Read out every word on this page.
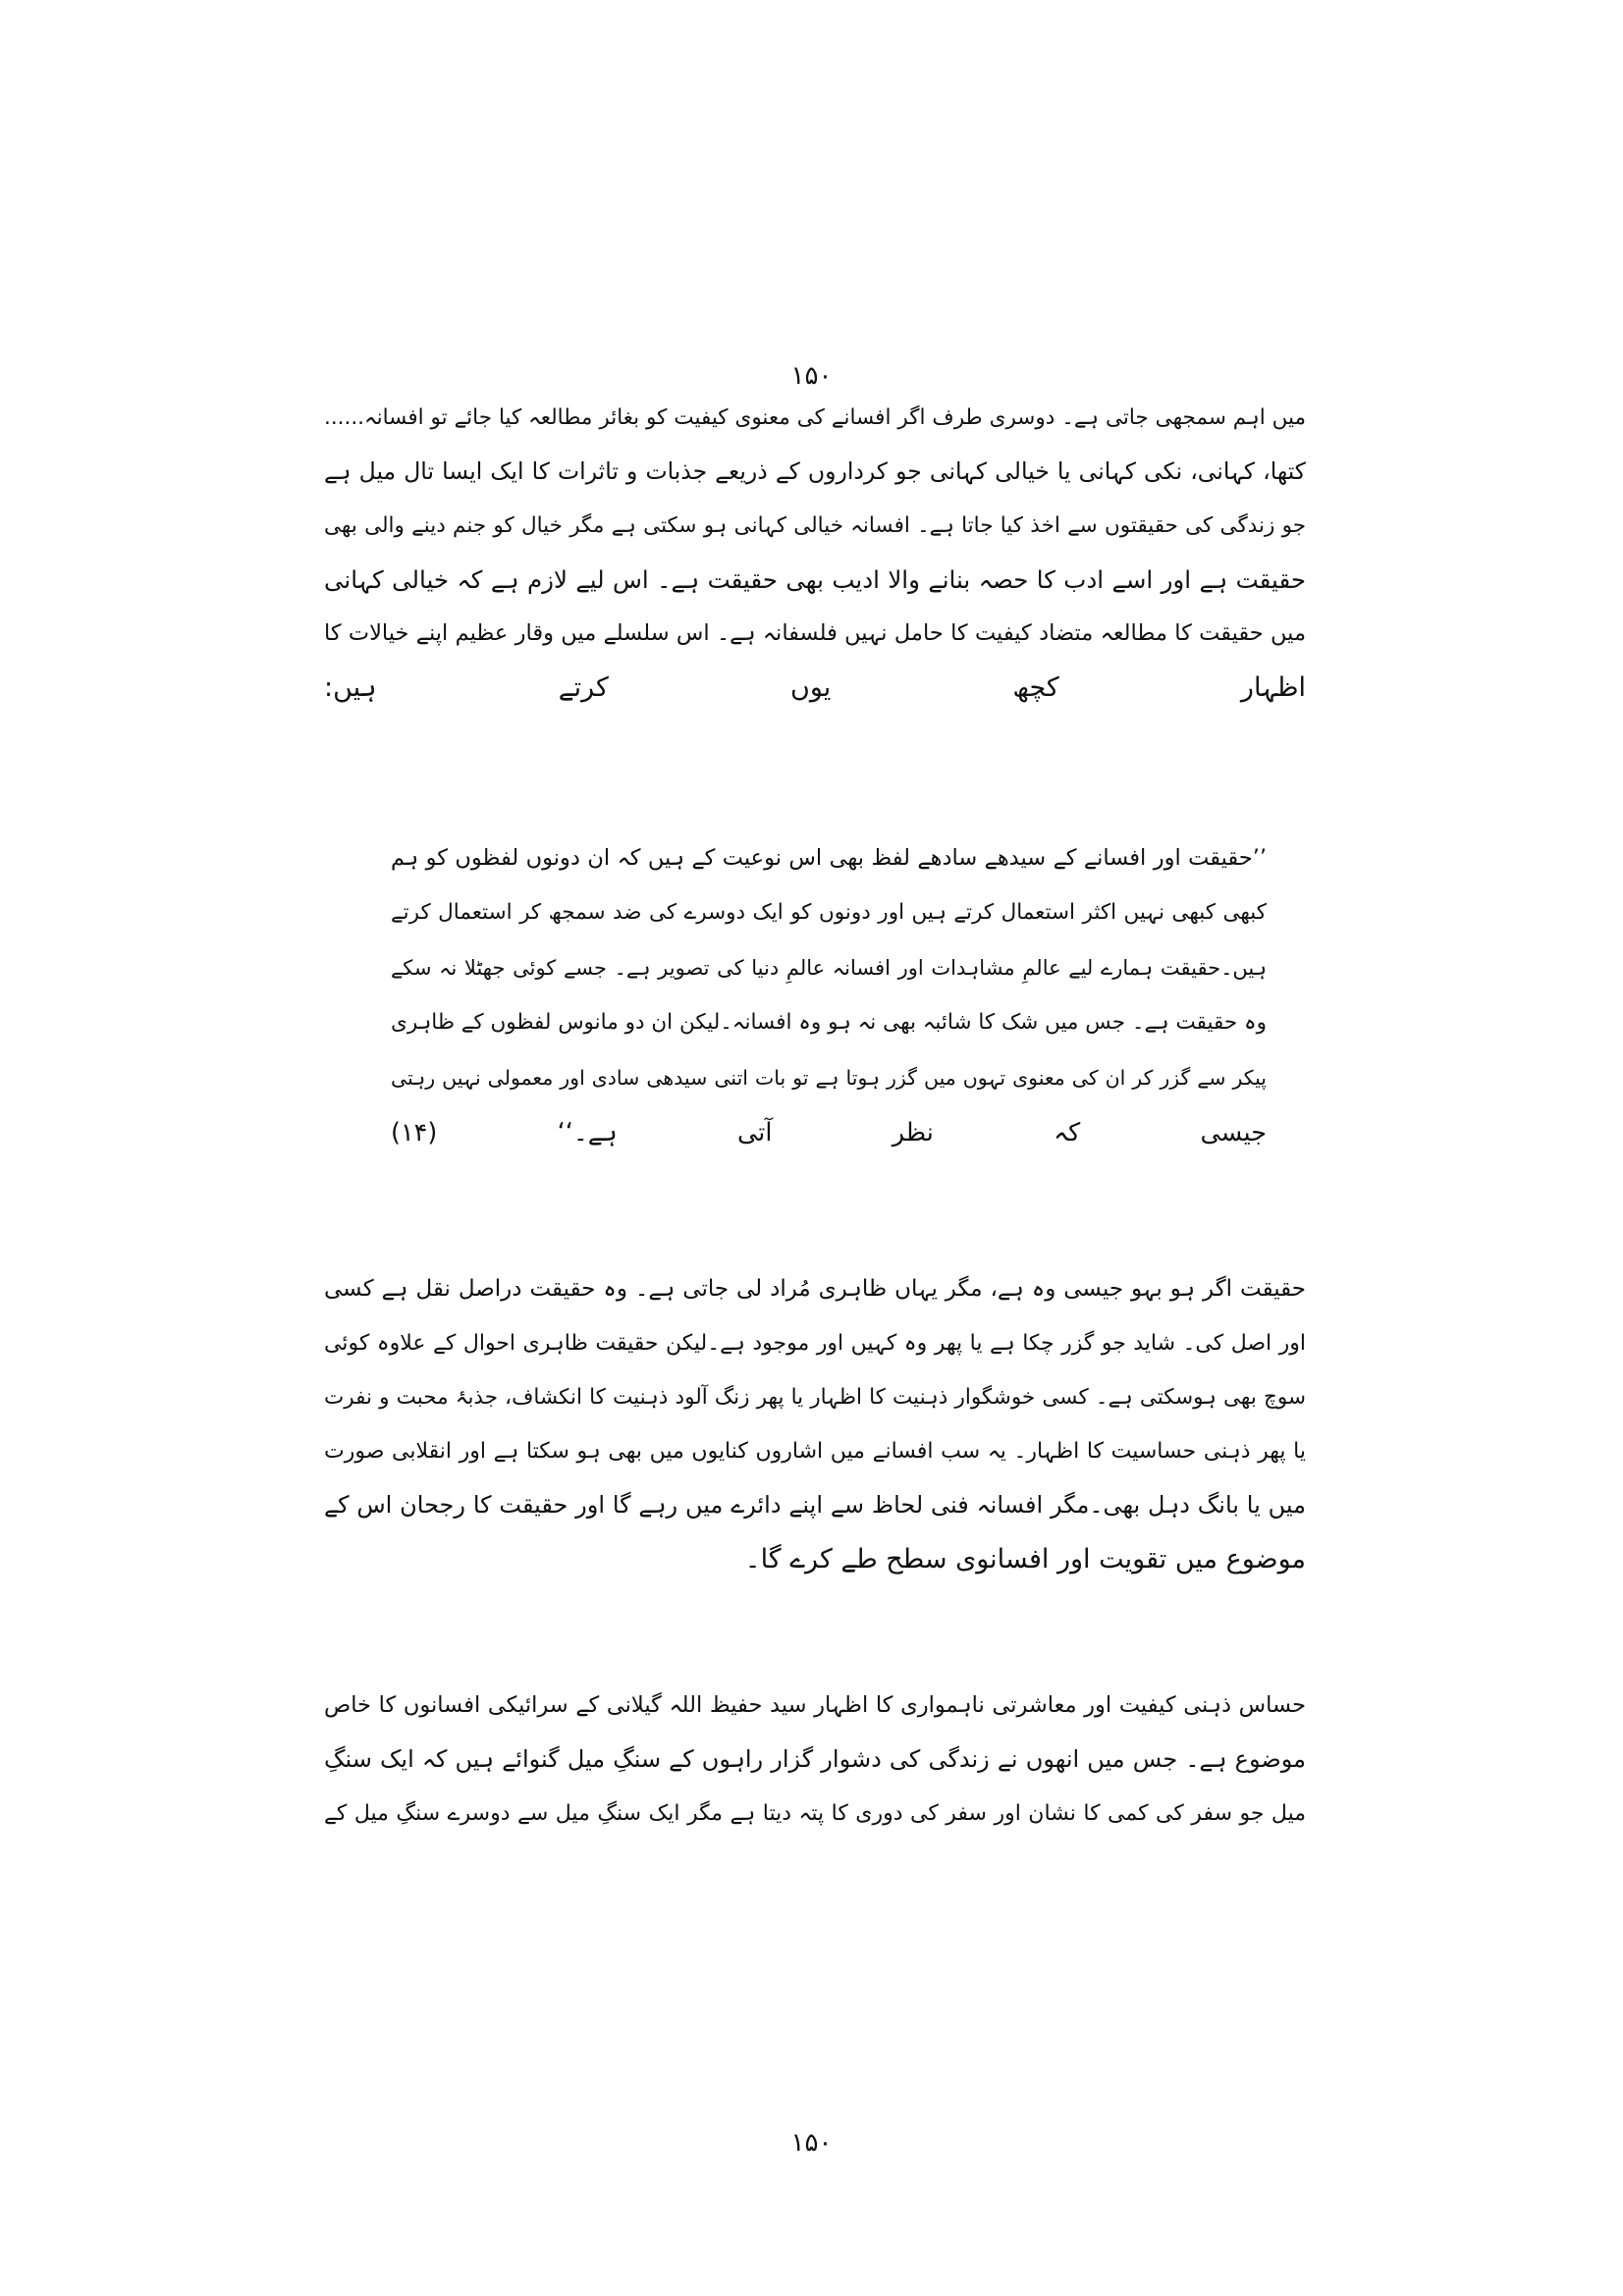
۱۵۰
میں اہم سمجھی جاتی ہے۔ دوسری طرف اگر افسانے کی معنوی کیفیت کو بغائر مطالعہ کیا جائے تو افسانہ......
کتھا، کہانی، نکی کہانی یا خیالی کہانی جو کرداروں کے ذریعے جذبات و تاثرات کا ایک ایسا تال میل ہے
جو زندگی کی حقیقتوں سے اخذ کیا جاتا ہے۔ افسانہ خیالی کہانی ہو سکتی ہے مگر خیال کو جنم دینے والی بھی
حقیقت ہے اور اسے ادب کا حصہ بنانے والا ادیب بھی حقیقت ہے۔ اس لیے لازم ہے کہ خیالی کہانی
میں حقیقت کا مطالعہ متضاد کیفیت کا حامل نہیں فلسفانہ ہے۔ اس سلسلے میں وقار عظیم اپنے خیالات کا
اظہار کچھ یوں کرتے ہیں:
’’حقیقت اور افسانے کے سیدھے سادھے لفظ بھی اس نوعیت کے ہیں کہ ان دونوں لفظوں کو ہم
کبھی کبھی نہیں اکثر استعمال کرتے ہیں اور دونوں کو ایک دوسرے کی ضد سمجھ کر استعمال کرتے
ہیں۔حقیقت ہمارے لیے عالمِ مشاہدات اور افسانہ عالمِ دنیا کی تصویر ہے۔ جسے کوئی جھٹلا نہ سکے
وہ حقیقت ہے۔ جس میں شک کا شائبہ بھی نہ ہو وہ افسانہ۔لیکن ان دو مانوس لفظوں کے ظاہری
پیکر سے گزر کر ان کی معنوی تہوں میں گزر ہوتا ہے تو بات اتنی سیدھی سادی اور معمولی نہیں رہتی
جیسی کہ نظر آتی ہے۔‘‘ (۱۴)
حقیقت اگر ہو بہو جیسی وہ ہے، مگر یہاں ظاہری مُراد لی جاتی ہے۔ وہ حقیقت دراصل نقل ہے کسی
اور اصل کی۔ شاید جو گزر چکا ہے یا پھر وہ کہیں اور موجود ہے۔لیکن حقیقت ظاہری احوال کے علاوہ کوئی
سوچ بھی ہوسکتی ہے۔ کسی خوشگوار ذہنیت کا اظہار یا پھر زنگ آلود ذہنیت کا انکشاف، جذبۂ محبت و نفرت
یا پھر ذہنی حساسیت کا اظہار۔ یہ سب افسانے میں اشاروں کنایوں میں بھی ہو سکتا ہے اور انقلابی صورت
میں یا بانگ دہل بھی۔مگر افسانہ فنی لحاظ سے اپنے دائرے میں رہے گا اور حقیقت کا رجحان اس کے
موضوع میں تقویت اور افسانوی سطح طے کرے گا۔
حساس ذہنی کیفیت اور معاشرتی ناہمواری کا اظہار سید حفیظ اللہ گیلانی کے سرائیکی افسانوں کا خاص
موضوع ہے۔ جس میں انھوں نے زندگی کی دشوار گزار راہوں کے سنگِ میل گنوائے ہیں کہ ایک سنگِ
میل جو سفر کی کمی کا نشان اور سفر کی دوری کا پتہ دیتا ہے مگر ایک سنگِ میل سے دوسرے سنگِ میل کے
۱۵۰
